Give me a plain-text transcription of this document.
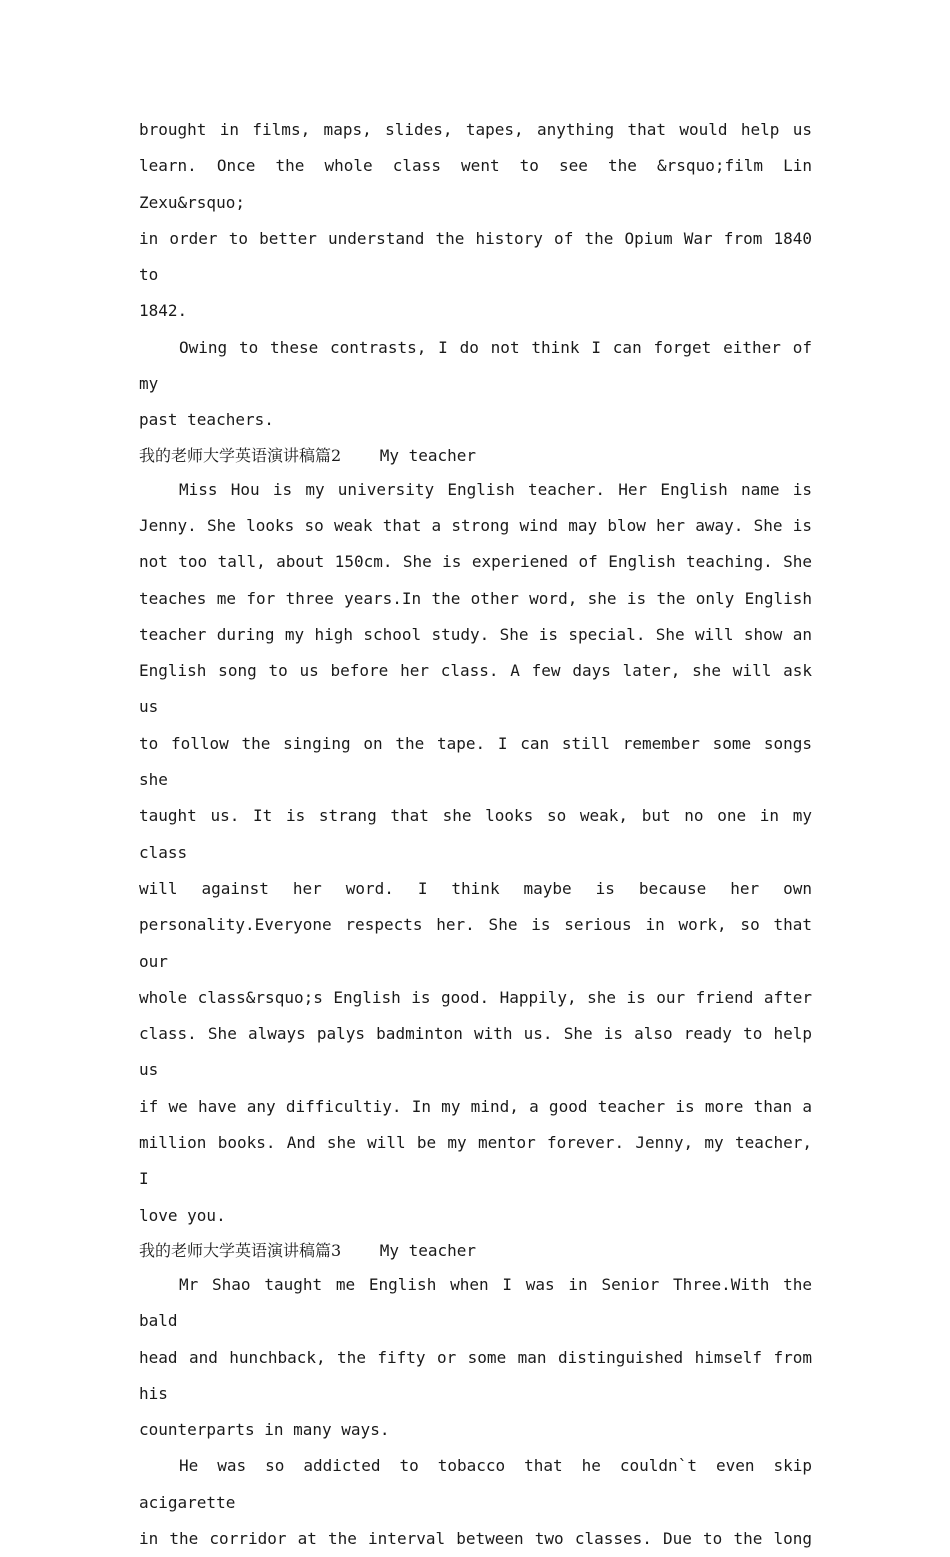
brought in films, maps, slides, tapes, anything that would help us
learn. Once the whole class went to see the &rsquo;film Lin Zexu&rsquo;
in order to better understand the history of the Opium War from 1840 to
1842.

Owing to these contrasts, I do not think I can forget either of my
past teachers.

我的老师大学英语演讲稿篇2 My teacher

Miss Hou is my university English teacher. Her English name is
Jenny. She looks so weak that a strong wind may blow her away. She is
not too tall, about 150cm. She is experiened of English teaching. She
teaches me for three years.In the other word, she is the only English
teacher during my high school study. She is special. She will show an
English song to us before her class. A few days later, she will ask us
to follow the singing on the tape. I can still remember some songs she
taught us. It is strang that she looks so weak, but no one in my class
will against her word. I think maybe is because her own
personality.Everyone respects her. She is serious in work, so that our
whole class&rsquo;s English is good. Happily, she is our friend after
class. She always palys badminton with us. She is also ready to help us
if we have any difficultiy. In my mind, a good teacher is more than a
million books. And she will be my mentor forever. Jenny, my teacher, I
love you.

我的老师大学英语演讲稿篇3 My teacher

Mr Shao taught me English when I was in Senior Three.With the bald
head and hunchback, the fifty or some man distinguished himself from his
counterparts in many ways.

He was so addicted to tobacco that he couldn`t even skip acigarette
in the corridor at the interval between two classes. Due to the long
